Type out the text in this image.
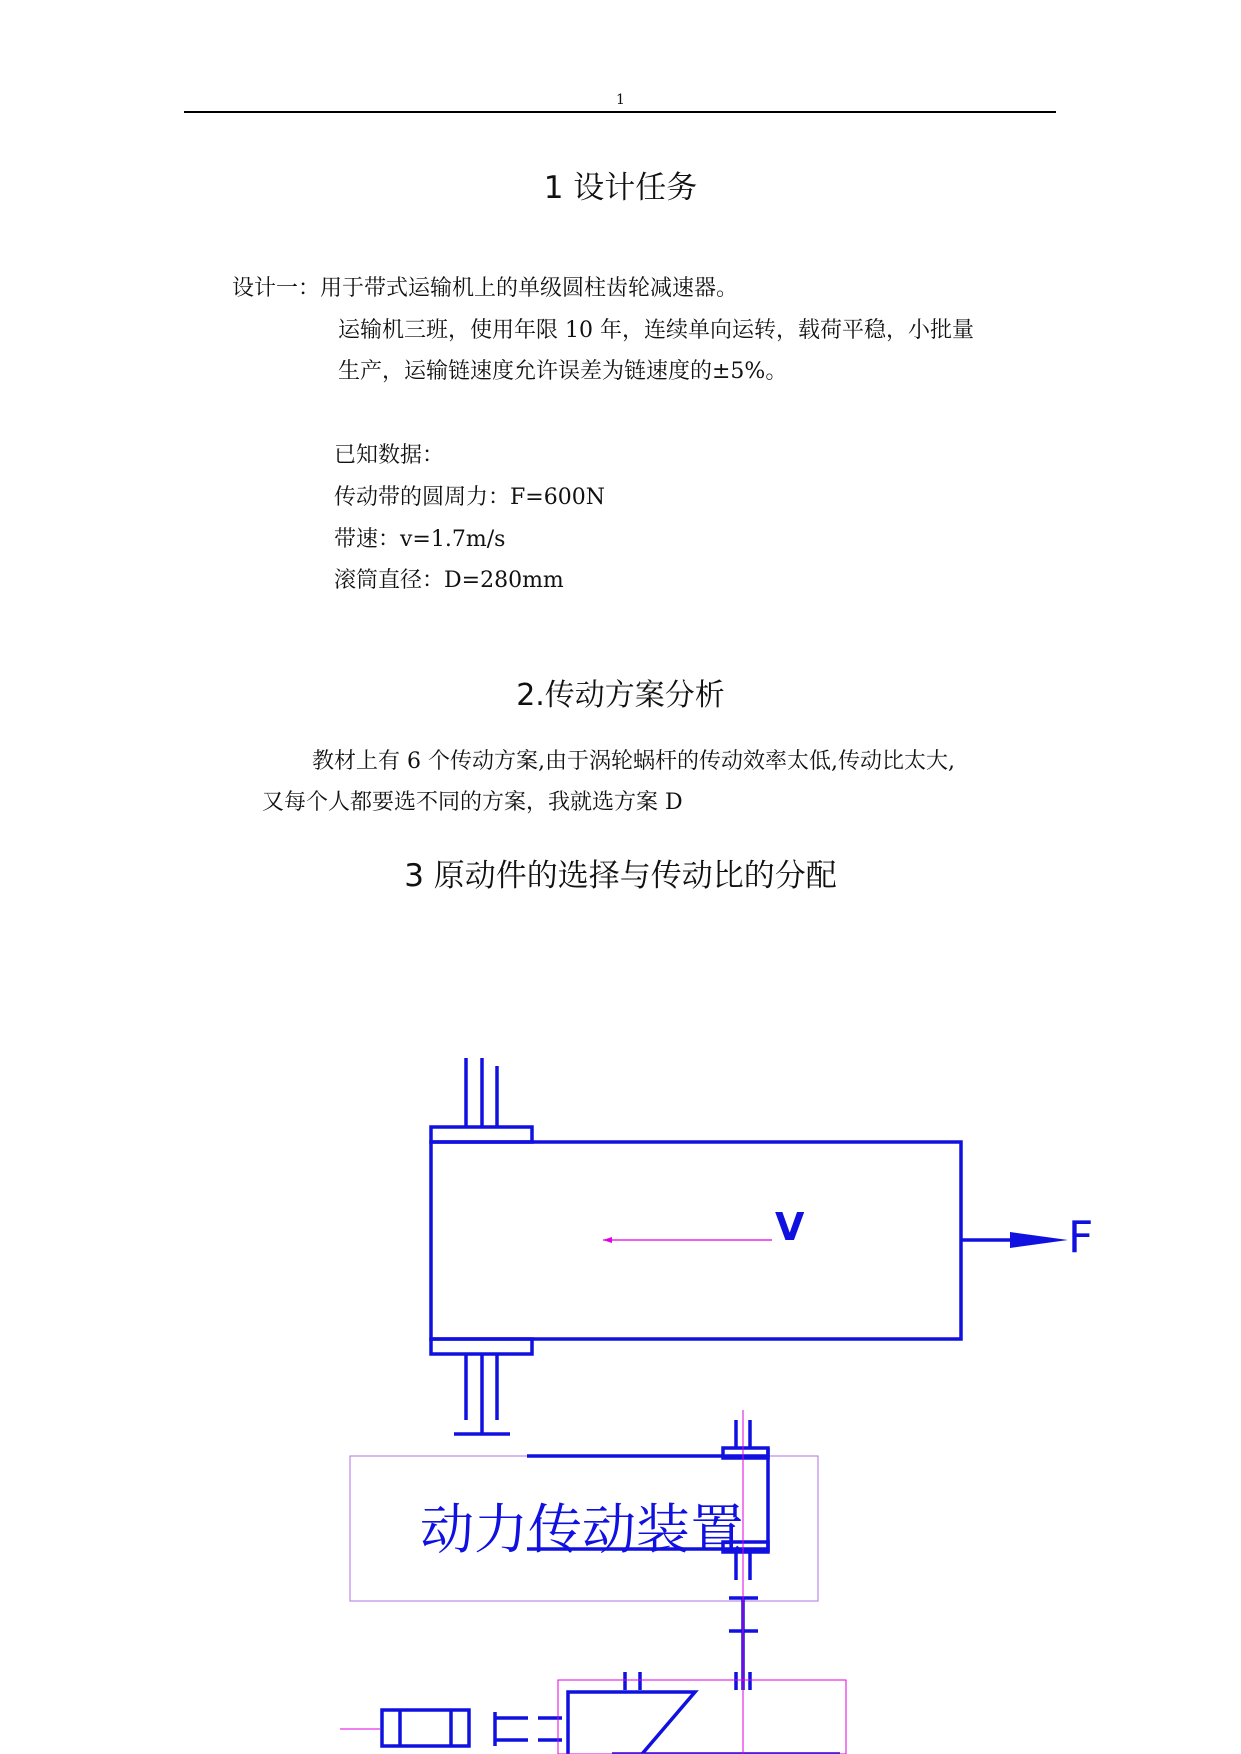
1
1 设计任务

设计一：用于带式运输机上的单级圆柱齿轮减速器。

运输机三班，使用年限 10 年，连续单向运转，载荷平稳，小批量

生产，运输链速度允许误差为链速度的±5%。

已知数据：

传动带的圆周力：F=600N

带速：v=1.7m/s

滚筒直径：D=280mm

2.传动方案分析

教材上有 6 个传动方案,由于涡轮蜗杆的传动效率太低,传动比太大,

又每个人都要选不同的方案，我就选方案 D

3 原动件的选择与传动比的分配
F
V
动力传动装置
